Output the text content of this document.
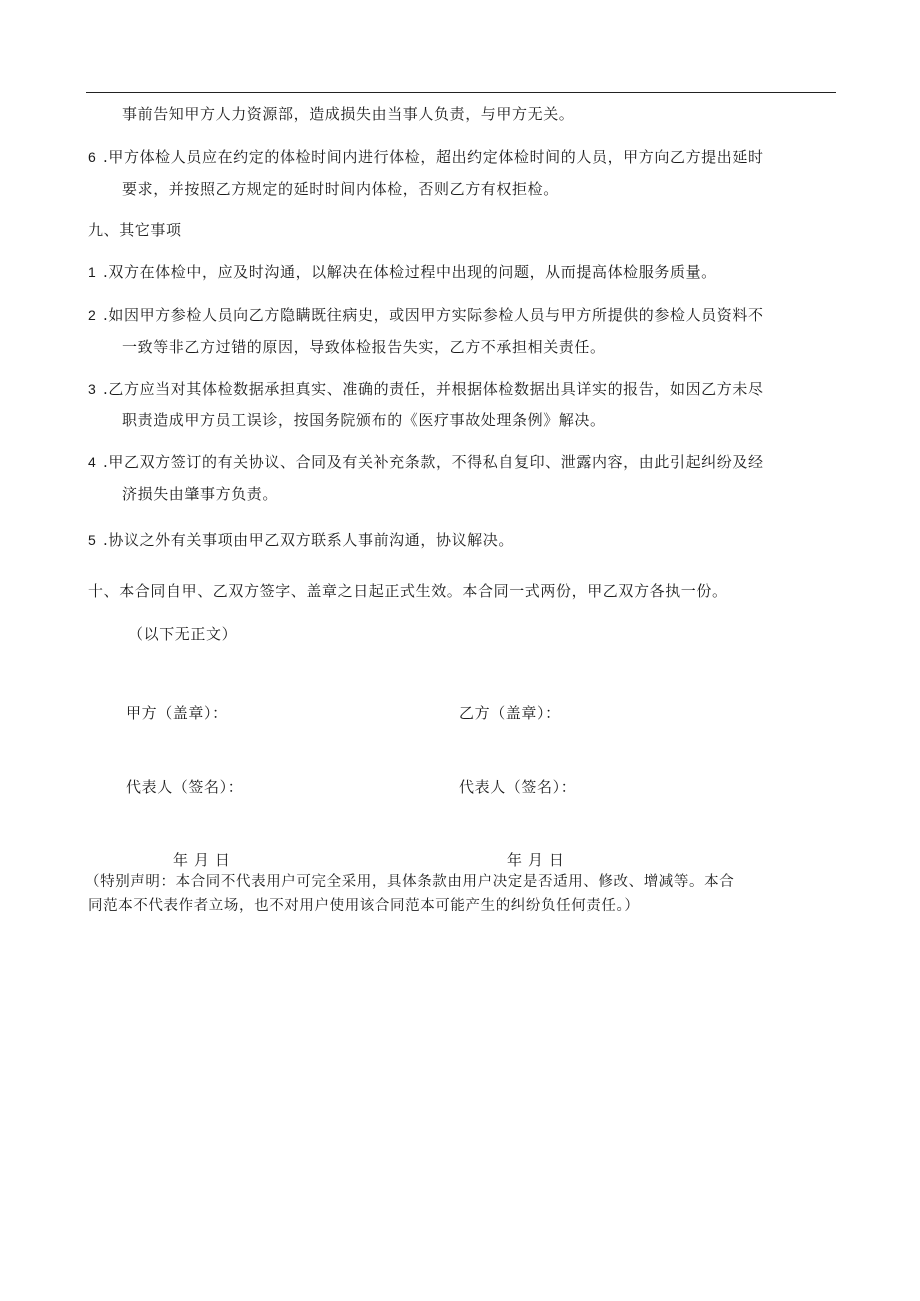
事前告知甲方人力资源部，造成损失由当事人负责，与甲方无关。
6 .甲方体检人员应在约定的体检时间内进行体检，超出约定体检时间的人员，甲方向乙方提出延时
要求，并按照乙方规定的延时时间内体检，否则乙方有权拒检。
九、其它事项
1 .双方在体检中，应及时沟通，以解决在体检过程中出现的问题，从而提高体检服务质量。
2 .如因甲方参检人员向乙方隐瞒既往病史，或因甲方实际参检人员与甲方所提供的参检人员资料不
一致等非乙方过错的原因，导致体检报告失实，乙方不承担相关责任。
3 .乙方应当对其体检数据承担真实、准确的责任，并根据体检数据出具详实的报告，如因乙方未尽
职责造成甲方员工误诊，按国务院颁布的《医疗事故处理条例》解决。
4 .甲乙双方签订的有关协议、合同及有关补充条款，不得私自复印、泄露内容，由此引起纠纷及经
济损失由肇事方负责。
5 .协议之外有关事项由甲乙双方联系人事前沟通，协议解决。
十、本合同自甲、乙双方签字、盖章之日起正式生效。本合同一式两份，甲乙双方各执一份。
（以下无正文）
甲方（盖章）：	乙方（盖章）：
代表人（签名）：	代表人（签名）：
年 月 日	年 月 日
（特别声明：本合同不代表用户可完全采用，具体条款由用户决定是否适用、修改、增减等。本合
同范本不代表作者立场，也不对用户使用该合同范本可能产生的纠纷负任何责任。）
